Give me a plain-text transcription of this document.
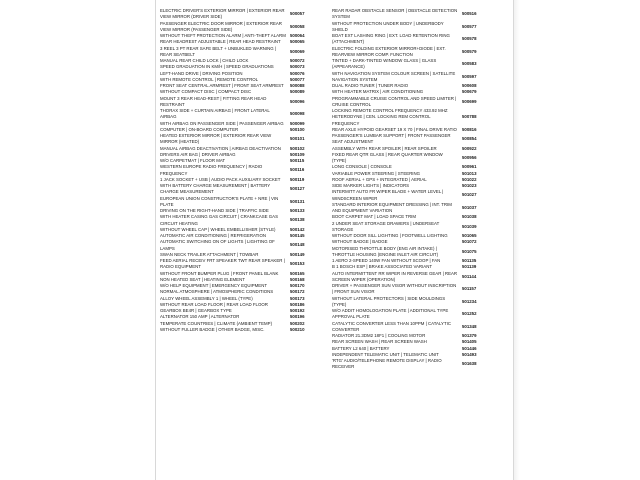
ELECTRIC DRIVER'S EXTERIOR MIRROR | EXTERIOR REAR VIEW MIRROR (DRIVER SIDE)
PASSENGER ELECTRIC DOOR MIRROR | EXTERIOR REAR VIEW MIRROR (PASSENGER SIDE)
WITHOUT THEFT PROTECTION ALARM | ANTI-THEFT ALARM
REAR HEADREST ADJUSTABLE | REAR HEAD RESTRAINT
3 REEL 3 PT REAR SAFE BELT + UNBUKLED WARNING | REAR SEATBELT
MANUAL REAR CHILD LOCK | CHILD LOCK
SPEED GRADUATION IN KM/H | SPEED GRADUATIONS
LEFT-HAND DRIVE | DRIVING POSITION
WITH REMOTE CONTROL | REMOTE CONTROL
FRONT SEAT CENTRAL ARMREST | FRONT SEAT ARMREST
WITHOUT COMPACT DISC | COMPACT DISC
MOUNT 3 REAR HEAD-REST | FITTING REAR HEAD RESTRAINT
THORAX SIDE + CURTAIN AIRBAG | FRONT LATERAL AIRBAG
WITH AIRBAG ON PASSENGER SIDE | PASSENGER AIRBAG
COMPUTER | ON-BOARD COMPUTER
HEATED EXTERIOR MIRROR | EXTERIOR REAR VIEW MIRROR (HEATED)
MANUAL AIRBAG DEACTIVATION | AIRBAG DEACTIVATION
DRIVERS AIR BAG | DRIVER AIRBAG
W/O CARPETMAT | FLOOR MAT
WESTERN EUROPE RADIO FREQUENCY | RADIO FREQUENCY
1 JACK SOCKET + USB | AUDIO PACK AUXILIARY SOCKET
WITH BATTERY CHARGE MEASUREMENT | BATTERY CHARGE MEASUREMENT
EUROPEAN UNION CONSTRUCTOR'S PLATE + NRE | VIN PLATE
DRIVING ON THE RIGHT-HAND SIDE | TRAFFIC SIDE
WITH HEATER CASING GAS CIRCUIT | CRANKCASE GAS CIRCUIT HEATING
WITHOUT WHEEL CAP | WHEEL EMBELLISHER (STYLE)
AUTOMATIC AIR CONDITIONING | REFRIGERATION
AUTOMATIC SWITCHING ON OF LIGHTS | LIGHTING OF LAMPS
SWAN NECK TRAILER ATTACHMENT | TOWBAR
FEED AERIAL RECEIV FRT SPEAKER TWT REAR SPEAKER | RADIO EQUIPMENT
WITHOUT FRONT BUMPER PLUG | FRONT PANEL BLANK
NON HEATED SEAT | HEATING ELEMENT
W/O HELP EQUIPMENT | EMERGENCY EQUIPMENT
NORMAL ATMOSPHERE | ATMOSPHERIC CONDITIONS
ALLOY WHEEL ASSEMBLY 1 | WHEEL (TYPE)
WITHOUT REAR LOAD FLOOR | REAR LOAD FLOOR
GEARBOX BE4R | GEARBOX TYPE
ALTERNATOR 150 AMP | ALTERNATOR
TEMPERATE COUNTRIES | CLIMATE (AMBIENT TEMP)
WITHOUT FULLER BADGE | OTHER BADGE, MISC.
500057
500058
500064
500065
500069
500072
500073
500076
500077
500088
500089
500096
500098
500099
500100
500101
500102
500109
500115
500116
500119
500127
500131
500133
500138
500142
500145
500148
500149
500153
500165
500168
500170
500172
500173
500186
500192
500196
500202
500210
REAR RADAR OBSTACLE SENSOR | OBSTACLE DETECTION SYSTEM
WITHOUT PROTECTION UNDER BODY | UNDERBODY SHIELD
BOAT EXT LASHING RING | EXT. LOAD RETENTION RING (ATTACHMENT)
ELECTRIC FOLDING EXTERIOR MIRROR+DIODE | EXT. REARVIEW MIRROR COMP. FUNCTION
TINTED + DARK-TINTED WINDOW GLASS | GLASS (APPEARANCE)
WITH NAVIGATION SYSTEM COLOUR SCREEN | SATELLITE NAVIGATION SYSTEM
DUAL RADIO TUNER | TUNER RADIO
WITH HEATER MATRIX | AIR CONDITIONING
PROGRAMMABLE CRUISE CONTROL AND SPEED LIMITER | CRUISE CONTROL
LOCKING REMOTE CONTROL FREQUENCY 433.92 MHZ HETERODYNE | CEN. LOCKING REM CONTROL FREQUENCY
REAR AXLE HYPOID GEARSET 19 X 70 | FINAL DRIVE RATIO
PASSENGER'S LUMBAR SUPPORT | FRONT PASSENGER SEAT ADJUSTMENT
ASSEMBLY WITH REAR SPOILER | REAR SPOILER
FIXED REAR QTR GLASS | REAR QUARTER WINDOW (TYPE)
LONG CONSOLE | CONSOLE
VARIABLE POWER STEERING | STEERING
ROOF AERIAL + GPS + INTEGRATED | AERIAL
SIDE MARKER LIGHTS | INDICATORS
INTERMITT AUTO FR WIPER BLADE + WATER LEVEL | WINDSCREEN WIPER
STANDARD INTERIOR EQUIPMENT DRESSING | INT. TRIM AND EQUIPMENT VARIATION
BOOT CARPET MAT | LOAD SPACE TRIM
2 UNDER SEAT STORAGE DRAWERS | UNDERSEAT STORAGE
WITHOUT DOOR SILL LIGHTING | FOOTWELL LIGHTING
WITHOUT BADGE | BADGE
MOTORISED THROTTLE BODY (ENG AIR INTAKE) | THROTTLE HOUSING (ENGINE INLET AIR CIRCUIT)
1 AERO 2-SPEED 140W FAN WITHOUT SCOOP | FAN
B 1 BOSCH ESP | BRAKE ASSOCIATED VARIANT
AUTO INTERMITTENT RR WIPER IN REVERSE GEAR | REAR SCREEN WIPER (OPERATION)
DRIVER + PASSENGER SUN VISOR WITHOUT INSCRIPTION | FRONT SUN VISOR
WITHOUT LATERAL PROTECTORS | SIDE MOULDINGS (TYPE)
W/O ADDIT HOMOLOGATION PLATE | ADDITIONAL TYPE APPROVAL PLATE
CATALYTIC CONVERTER LESS THAN 10PPM | CATALYTIC CONVERTER
RADIATOR 21.3DM2 18F1 | COOLING MOTOR
REAR SCREEN WASH | REAR SCREEN WASH
BATTERY L2 640 | BATTERY
INDEPENDENT TELEMATIC UNIT | TELEMATIC UNIT
'RTG' AUDIO/TELEPHONE REMOTE DISPLAY | RADIO RECEIVER
500516
500577
500578
500579
500583
500597
500608
500679
500699
500788
500816
500854
500922
500956
500961
501013
501022
501023
501027
501037
501038
501039
501065
501072
501075
501135
501139
501144
501157
501234
501252
501348
501379
501405
501446
501493
501638
